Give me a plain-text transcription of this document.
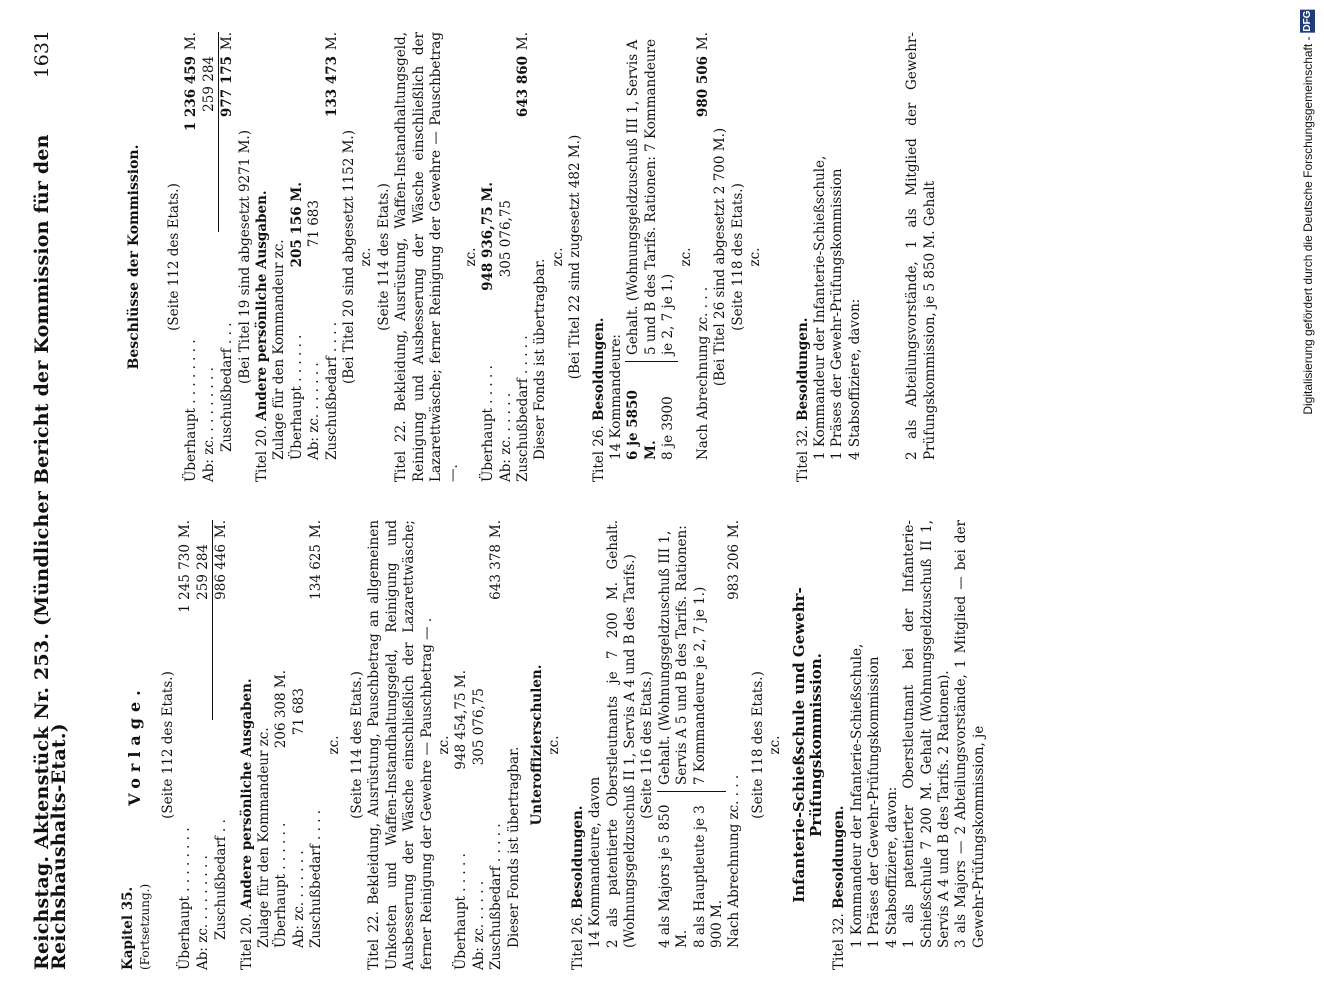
Reichstag. Aktenstück Nr. 253. (Mündlicher Bericht der Kommission für den Reichshaushalts-Etat.)
1631
Kapitel 35. (Fortsetzung.)
Vorlage. (Seite 112 des Etats.)
Überhaupt . . . . . . . .
1 245 730
M.
Ab: zc. . . . . . . . .
259 284
Zuschußbedarf . .
986 446
M.
Titel 20. Andere persönliche Ausgaben. Zulage für den Kommandeur zc. Überhaupt . . . . . .
206 308 M.
Ab: zc. . . . . . .
71 683
Zuschußbedarf . . . .
134 625
M.
zc. (Seite 114 des Etats.) Titel 22. Bekleidung, Ausrüstung, Pauschbetrag an allgemeinen Unkosten und Waffen-Instandhaltungsgeld, Reinigung und Ausbesserung der Wäsche einschließlich der Lazarettwäsche; ferner Reinigung der Gewehre — Pauschbetrag — . zc.
Überhaupt . . . . .
948 454,75 M.
Ab: zc. . . . . .
305 076,75
Zuschußbedarf . . . . .
643 378
M.
Dieser Fonds ist übertragbar.
Unteroffizierschulen. zc.
Titel 26. Besoldungen. 14 Kommandeure, davon 2 als patentierte Oberstleutnants je 7 200 M. Gehalt. (Wohnungsgeldzuschuß II 1, Servis A 4 und B des Tarifs.) (Seite 116 des Etats.)
4 als Majors je 5 850 M. 8 als Hauptleute je 3 900 M.
Gehalt. (Wohnungsgeldzuschuß III 1, Servis A 5 und B des Tarifs. Rationen: 7 Kommandeure je 2, 7 je 1.)
Nach Abrechnung zc. . . .
983 206
M.
(Seite 118 des Etats.) zc. Infanterie-Schießschule und Gewehr-Prüfungskommission.
Titel 32. Besoldungen. 1 Kommandeur der Infanterie-Schießschule, 1 Präses der Gewehr-Prüfungskommission 4 Stabsoffiziere, davon: 1 als patentierter Oberstleutnant bei der Infanterie-Schießschule 7 200 M. Gehalt (Wohnungsgeldzuschuß II 1, Servis A 4 und B des Tarifs. 2 Rationen). 3 als Majors — 2 Abteilungsvorstände, 1 Mitglied — bei der Gewehr-Prüfungskommission, je

Beschlüsse der Kommission.	(Seite 112 des Etats.)
Überhaupt . . . . . . . .
1 236 459
M.
Ab: zc. . . . . . . . .
259 284
Zuschußbedarf . . .
977 175
M.
(Bei Titel 19 sind abgesetzt 9271 M.)
Titel 20. Andere persönliche Ausgaben. Zulage für den Kommandeur zc. Überhaupt . . . . . .
205 156 M.
Ab: zc. . . . . . .
71 683
Zuschußbedarf . . . .
133 473
M.
(Bei Titel 20 sind abgesetzt 1152 M.) zc. (Seite 114 des Etats.) Titel 22. Bekleidung, Ausrüstung, Waffen-Instandhaltungsgeld, Reinigung und Ausbesserung der Wäsche einschließlich der Lazarettwäsche; ferner Reinigung der Gewehre — Pauschbetrag —.

zc.
Überhaupt . . . . .
948 936,75 M.
Ab: zc. . . . . .
305 076,75
Zuschußbedarf . . . . .
643 860
M.
Dieser Fonds ist übertragbar.
zc. (Bei Titel 22 sind zugesetzt 482 M.)
Titel 26. Besoldungen. 14 Kommandeure: 6 je 5850 M. 8 je 3900
Gehalt. (Wohnungsgeldzuschuß III 1, Servis A 5 und B des Tarifs. Rationen: 7 Kommandeure je 2, 7 je 1.)
zc.
Nach Abrechnung zc. . . .
980 506
M.
(Bei Titel 26 sind abgesetzt 2 700 M.) (Seite 118 des Etats.) zc.
Titel 32. Besoldungen. 1 Kommandeur der Infanterie-Schießschule, 1 Präses der Gewehr-Prüfungskommission 4 Stabsoffiziere, davon:	2 als Abteilungsvorstände, 1 als Mitglied der Gewehr-Prüfungskommission, je 5 850 M. Gehalt	Digitalisierung gefördert durch die Deutsche Forschungsgemeinschaft - DFG
